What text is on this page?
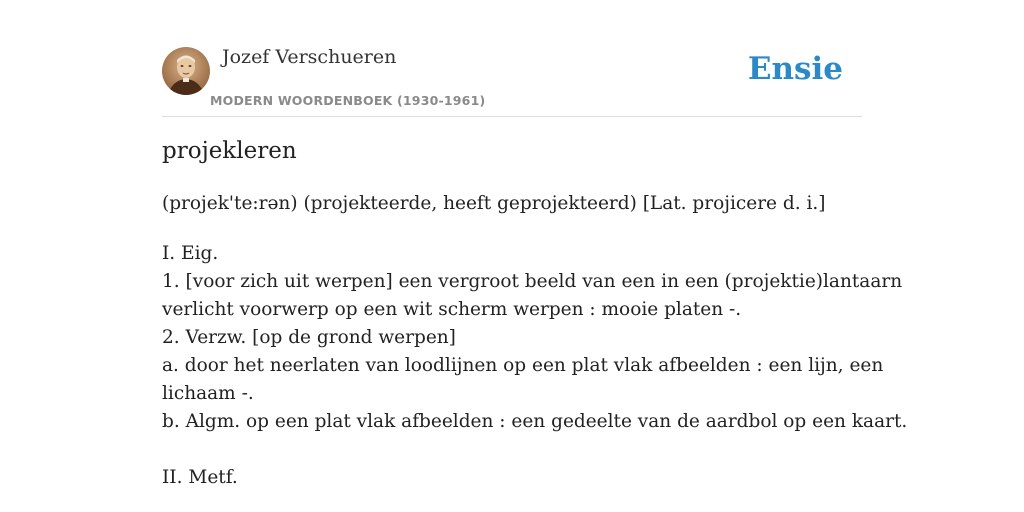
Jozef Verschueren
MODERN WOORDENBOEK (1930-1961)
Ensie
projekleren
(projek'te:rən) (projekteerde, heeft geprojekteerd) [Lat. projicere d. i.]
I. Eig.
1. [voor zich uit werpen] een vergroot beeld van een in een (projektie)lantaarn
verlicht voorwerp op een wit scherm werpen : mooie platen -.
2. Verzw. [op de grond werpen]
a. door het neerlaten van loodlijnen op een plat vlak afbeelden : een lijn, een
lichaam -.
b. Algm. op een plat vlak afbeelden : een gedeelte van de aardbol op een kaart.
II. Metf.
